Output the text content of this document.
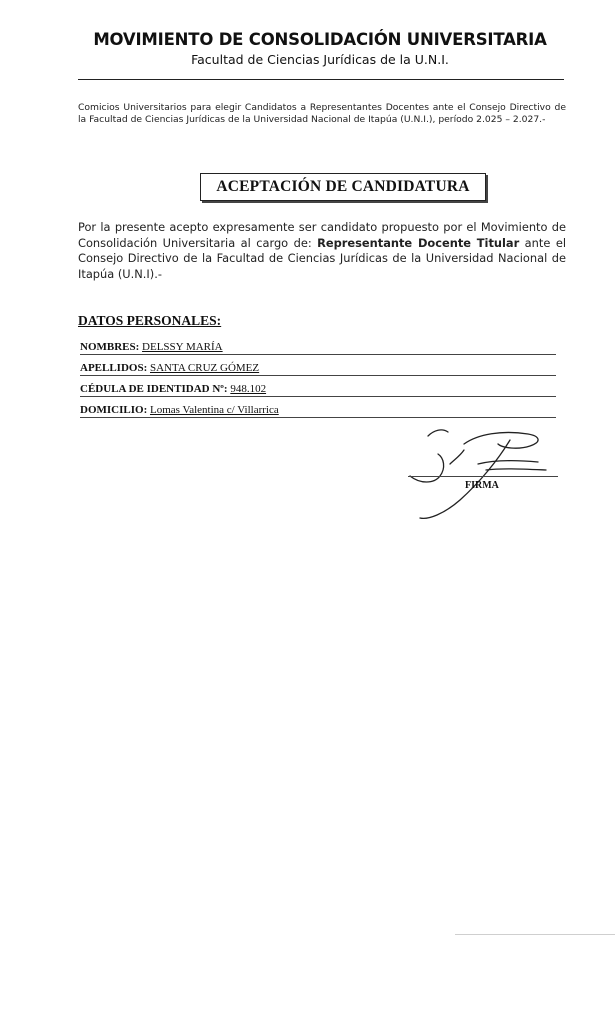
MOVIMIENTO DE CONSOLIDACIÓN UNIVERSITARIA
Facultad de Ciencias Jurídicas de la U.N.I.
Comicios Universitarios para elegir Candidatos a Representantes Docentes ante el Consejo Directivo de la Facultad de Ciencias Jurídicas de la Universidad Nacional de Itapúa (U.N.I.), período 2.025 – 2.027.-
ACEPTACIÓN DE CANDIDATURA
Por la presente acepto expresamente ser candidato propuesto por el Movimiento de Consolidación Universitaria al cargo de: Representante Docente Titular ante el Consejo Directivo de la Facultad de Ciencias Jurídicas de la Universidad Nacional de Itapúa (U.N.I).-
DATOS PERSONALES:
NOMBRES: DELSSY MARÍA
APELLIDOS: SANTA CRUZ GÓMEZ
CÉDULA DE IDENTIDAD Nº: 948.102
DOMICILIO: Lomas Valentina c/ Villarrica
FIRMA
